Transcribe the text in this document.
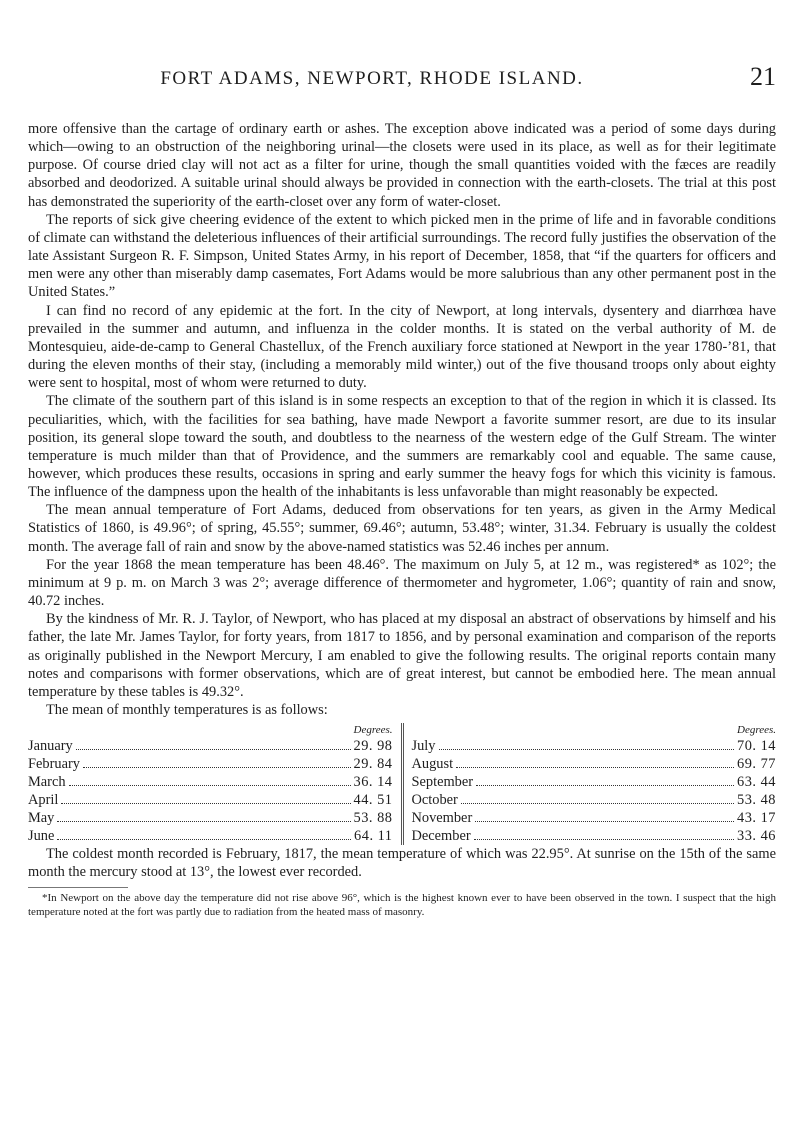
FORT ADAMS, NEWPORT, RHODE ISLAND.	21

more offensive than the cartage of ordinary earth or ashes. The exception above indicated was a period of some days during which—owing to an obstruction of the neighboring urinal—the closets were used in its place, as well as for their legitimate purpose. Of course dried clay will not act as a filter for urine, though the small quantities voided with the fæces are readily absorbed and deodorized. A suitable urinal should always be provided in connection with the earth-closets. The trial at this post has demonstrated the superiority of the earth-closet over any form of water-closet.

The reports of sick give cheering evidence of the extent to which picked men in the prime of life and in favorable conditions of climate can withstand the deleterious influences of their artificial surroundings. The record fully justifies the observation of the late Assistant Surgeon R. F. Simpson, United States Army, in his report of December, 1858, that “if the quarters for officers and men were any other than miserably damp casemates, Fort Adams would be more salubrious than any other permanent post in the United States.”

I can find no record of any epidemic at the fort. In the city of Newport, at long intervals, dysentery and diarrhœa have prevailed in the summer and autumn, and influenza in the colder months. It is stated on the verbal authority of M. de Montesquieu, aide-de-camp to General Chastellux, of the French auxiliary force stationed at Newport in the year 1780-’81, that during the eleven months of their stay, (including a memorably mild winter,) out of the five thousand troops only about eighty were sent to hospital, most of whom were returned to duty.

The climate of the southern part of this island is in some respects an exception to that of the region in which it is classed. Its peculiarities, which, with the facilities for sea bathing, have made Newport a favorite summer resort, are due to its insular position, its general slope toward the south, and doubtless to the nearness of the western edge of the Gulf Stream. The winter temperature is much milder than that of Providence, and the summers are remarkably cool and equable. The same cause, however, which produces these results, occasions in spring and early summer the heavy fogs for which this vicinity is famous. The influence of the dampness upon the health of the inhabitants is less unfavorable than might reasonably be expected.

The mean annual temperature of Fort Adams, deduced from observations for ten years, as given in the Army Medical Statistics of 1860, is 49.96°; of spring, 45.55°; summer, 69.46°; autumn, 53.48°; winter, 31.34. February is usually the coldest month. The average fall of rain and snow by the above-named statistics was 52.46 inches per annum.

For the year 1868 the mean temperature has been 48.46°. The maximum on July 5, at 12 m., was registered* as 102°; the minimum at 9 p. m. on March 3 was 2°; average difference of thermometer and hygrometer, 1.06°; quantity of rain and snow, 40.72 inches.

By the kindness of Mr. R. J. Taylor, of Newport, who has placed at my disposal an abstract of observations by himself and his father, the late Mr. James Taylor, for forty years, from 1817 to 1856, and by personal examination and comparison of the reports as originally published in the Newport Mercury, I am enabled to give the following results. The original reports contain many notes and comparisons with former observations, which are of great interest, but cannot be embodied here. The mean annual temperature by these tables is 49.32°.

The mean of monthly temperatures is as follows:

Degrees.
January	29. 98
February	29. 84
March	36. 14
April	44. 51
May	53. 88
June	64. 11
Degrees.
July	70. 14
August	69. 77
September	63. 44
October	53. 48
November	43. 17
December	33. 46

The coldest month recorded is February, 1817, the mean temperature of which was 22.95°. At sunrise on the 15th of the same month the mercury stood at 13°, the lowest ever recorded.

*In Newport on the above day the temperature did not rise above 96°, which is the highest known ever to have been observed in the town. I suspect that the high temperature noted at the fort was partly due to radiation from the heated mass of masonry.
